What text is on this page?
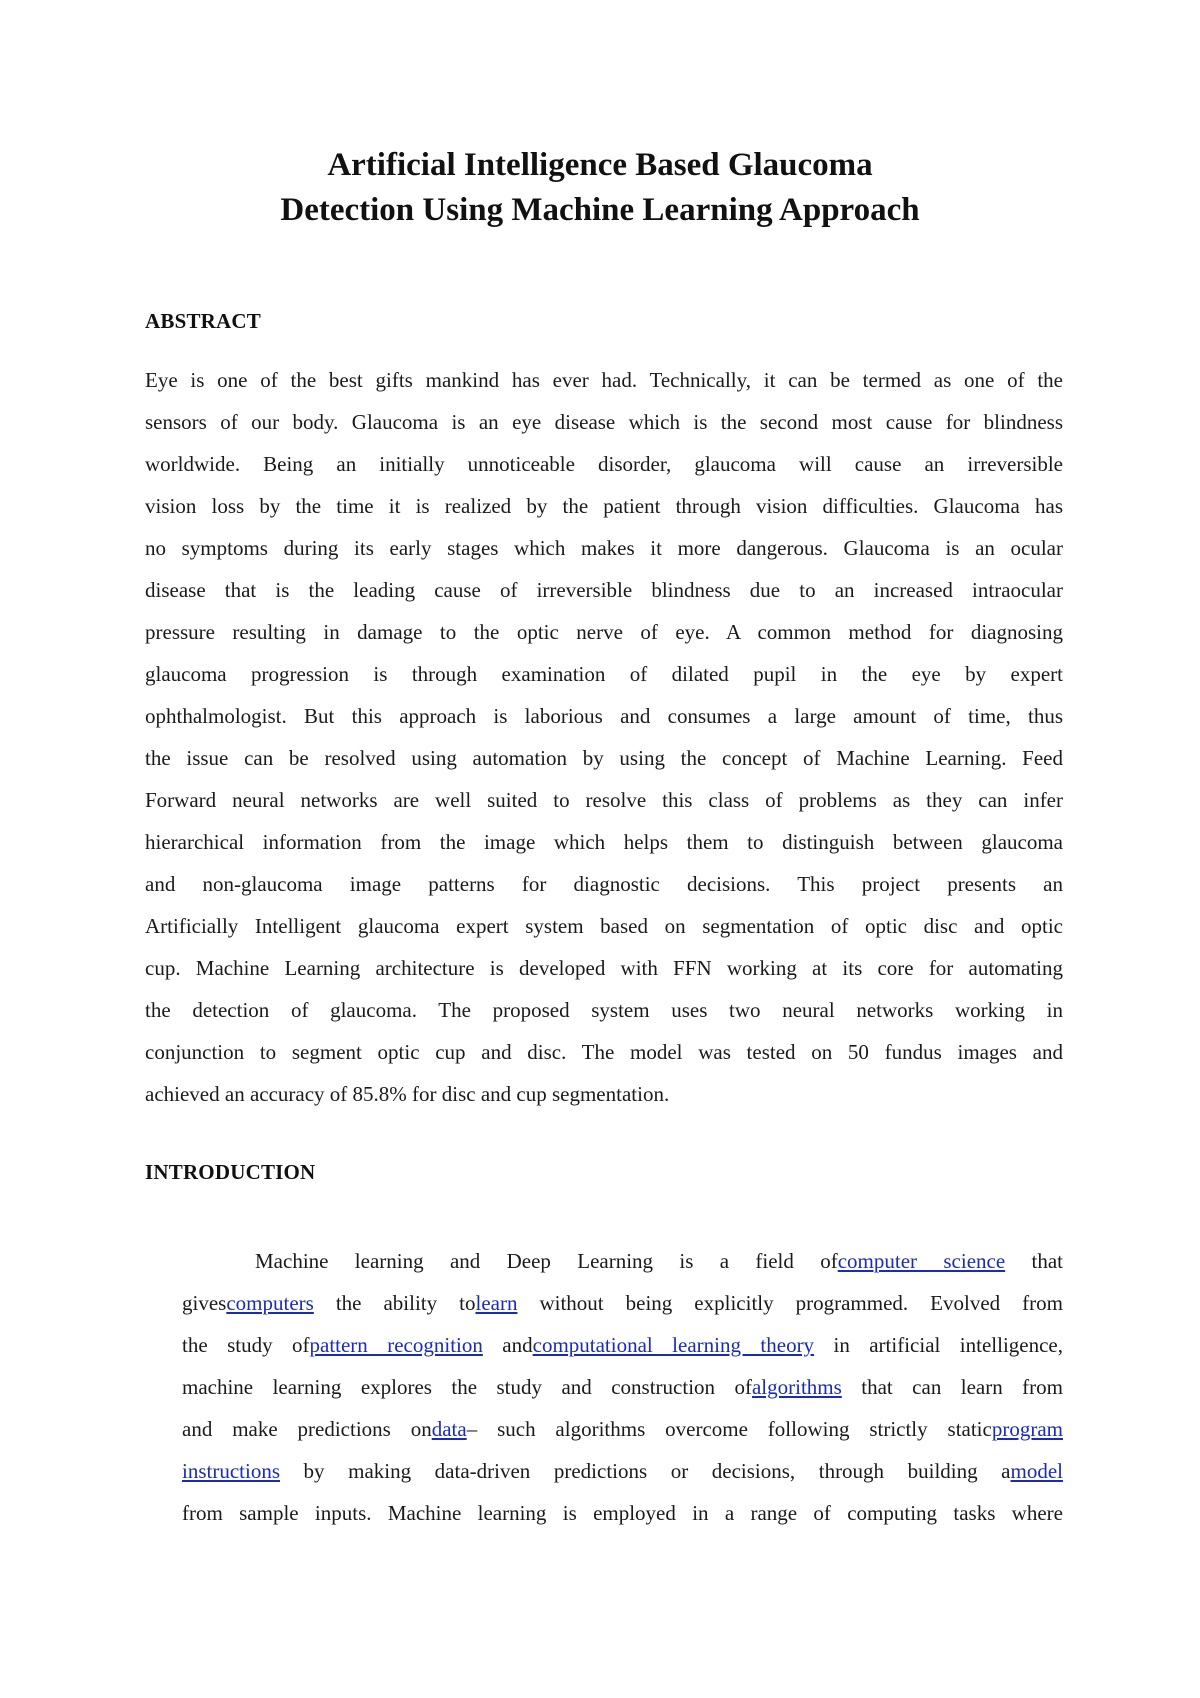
Artificial Intelligence Based Glaucoma
Detection Using Machine Learning Approach
ABSTRACT

Eye is one of the best gifts mankind has ever had. Technically, it can be termed as one of the
sensors of our body. Glaucoma is an eye disease which is the second most cause for blindness
worldwide. Being an initially unnoticeable disorder, glaucoma will cause an irreversible
vision loss by the time it is realized by the patient through vision difficulties. Glaucoma has
no symptoms during its early stages which makes it more dangerous. Glaucoma is an ocular
disease that is the leading cause of irreversible blindness due to an increased intraocular
pressure resulting in damage to the optic nerve of eye. A common method for diagnosing
glaucoma progression is through examination of dilated pupil in the eye by expert
ophthalmologist. But this approach is laborious and consumes a large amount of time, thus
the issue can be resolved using automation by using the concept of Machine Learning. Feed
Forward neural networks are well suited to resolve this class of problems as they can infer
hierarchical information from the image which helps them to distinguish between glaucoma
and non-glaucoma image patterns for diagnostic decisions. This project presents an
Artificially Intelligent glaucoma expert system based on segmentation of optic disc and optic
cup. Machine Learning architecture is developed with FFN working at its core for automating
the detection of glaucoma. The proposed system uses two neural networks working in
conjunction to segment optic cup and disc. The model was tested on 50 fundus images and
achieved an accuracy of 85.8% for disc and cup segmentation.

INTRODUCTION

Machine learning and Deep Learning is a field ofcomputer science that
givescomputers the ability tolearn without being explicitly programmed. Evolved from
the study ofpattern recognition andcomputational learning theory in artificial intelligence,
machine learning explores the study and construction ofalgorithms that can learn from
and make predictions ondata– such algorithms overcome following strictly staticprogram
instructions by making data-driven predictions or decisions, through building amodel
from sample inputs. Machine learning is employed in a range of computing tasks where
